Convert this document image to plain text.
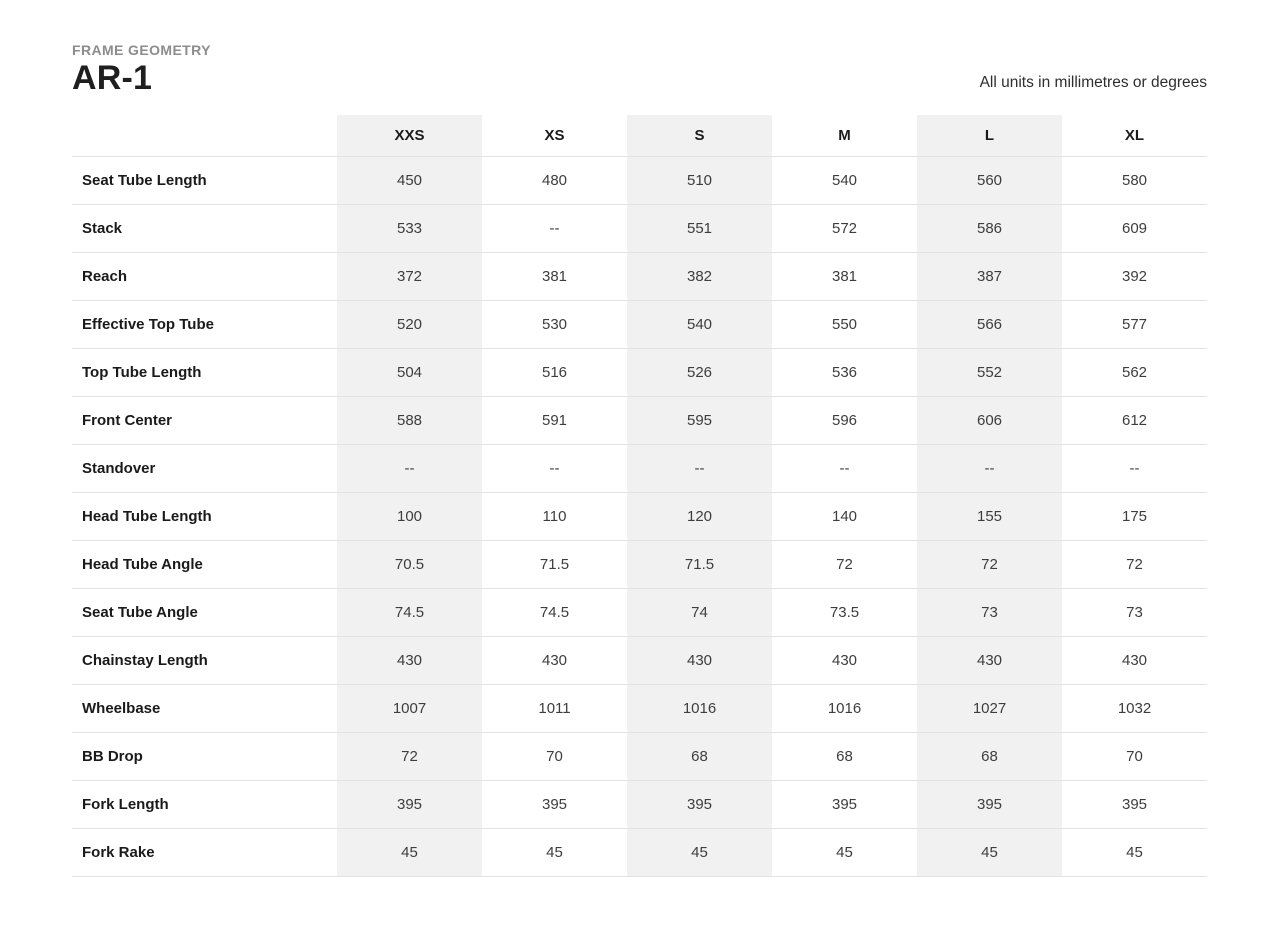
FRAME GEOMETRY
AR-1	All units in millimetres or degrees
	XXS	XS	S	M	L	XL
Seat Tube Length	450	480	510	540	560	580
Stack	533	--	551	572	586	609
Reach	372	381	382	381	387	392
Effective Top Tube	520	530	540	550	566	577
Top Tube Length	504	516	526	536	552	562
Front Center	588	591	595	596	606	612
Standover	--	--	--	--	--	--
Head Tube Length	100	110	120	140	155	175
Head Tube Angle	70.5	71.5	71.5	72	72	72
Seat Tube Angle	74.5	74.5	74	73.5	73	73
Chainstay Length	430	430	430	430	430	430
Wheelbase	1007	1011	1016	1016	1027	1032
BB Drop	72	70	68	68	68	70
Fork Length	395	395	395	395	395	395
Fork Rake	45	45	45	45	45	45
